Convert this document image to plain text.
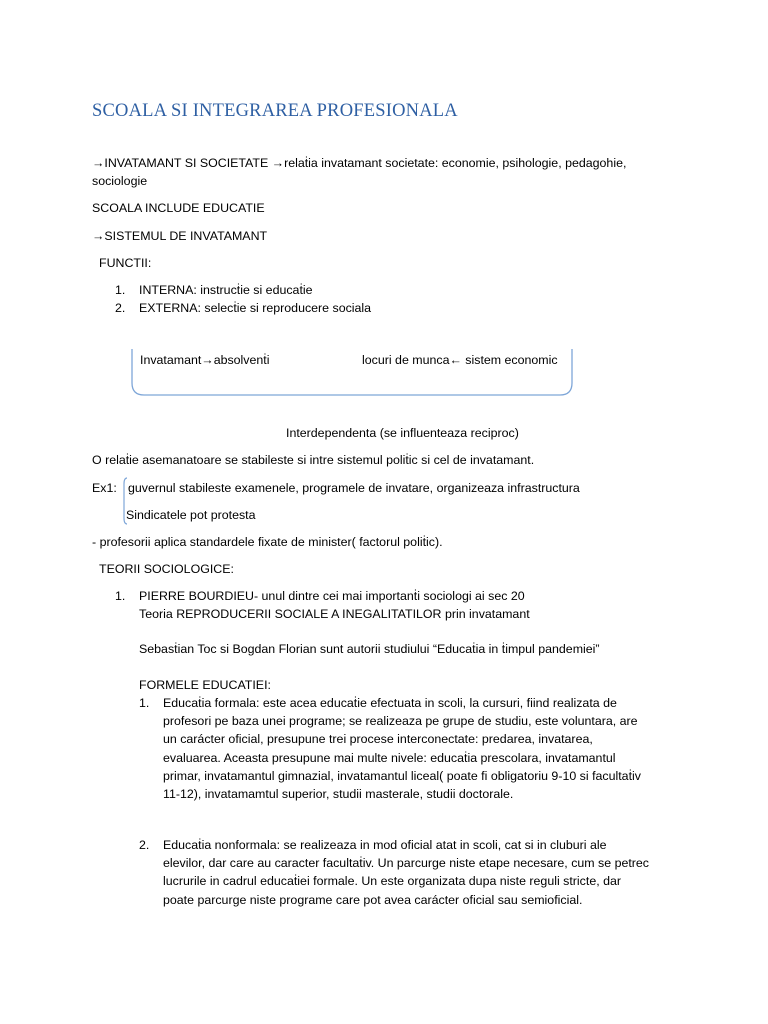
SCOALA SI INTEGRAREA PROFESIONALA
→INVATAMANT SI SOCIETATE →relaṫia invatamant societate: economie, psihologie, pedagohie,
sociologie
SCOALA INCLUDE EDUCATIE
→SISTEMUL DE INVATAMANT
FUNCTII:
1. INTERNA: instrucṫie si educaṫie
2. EXTERNA: selecṫie si reproducere sociala
Invatamant→absolvenṫi	locuri de munca← sistem economic
Interdependenta (se influenteaza reciproc)
O relaṫie asemanatoare se stabileste si intre sistemul poliṫic si cel de invatamant.
Ex1: guvernul stabileste examenele, programele de invatare, organizeaza infrastructura
Sindicatele pot protesta
- profesorii aplica standardele fixate de minister( factorul poliṫic).
TEORII SOCIOLOGICE:
1. PIERRE BOURDIEU- unul dintre cei mai importanṫi sociologi ai sec 20
Teoria REPRODUCERII SOCIALE A INEGALITATILOR prin invatamant
Sebasṫian Toc si Bogdan Florian sunt autorii studiului “Educaṫia in ṫimpul pandemiei”
FORMELE EDUCATIEI:
1. Educaṫia formala: este acea educaṫie efectuata in scoli, la cursuri, fiind realizata de
profesori pe baza unei programe; se realizeaza pe grupe de studiu, este voluntara, are
un carácter oficial, presupune trei procese interconectate: predarea, invatarea,
evaluarea. Aceasta presupune mai multe nivele: educaṫia prescolara, invatamantul
primar, invatamantul gimnazial, invatamantul liceal( poate fi obligatoriu 9-10 si facultaṫiv
11-12), invatamamtul superior, studii masterale, studii doctorale.
2. Educaṫia nonformala: se realizeaza in mod oficial atat in scoli, cat si in cluburi ale
elevilor, dar care au caracter facultaṫiv. Un parcurge niste etape necesare, cum se petrec
lucrurile in cadrul educaṫiei formale. Un este organizata dupa niste reguli stricte, dar
poate parcurge niste programe care pot avea carácter oficial sau semioficial.
